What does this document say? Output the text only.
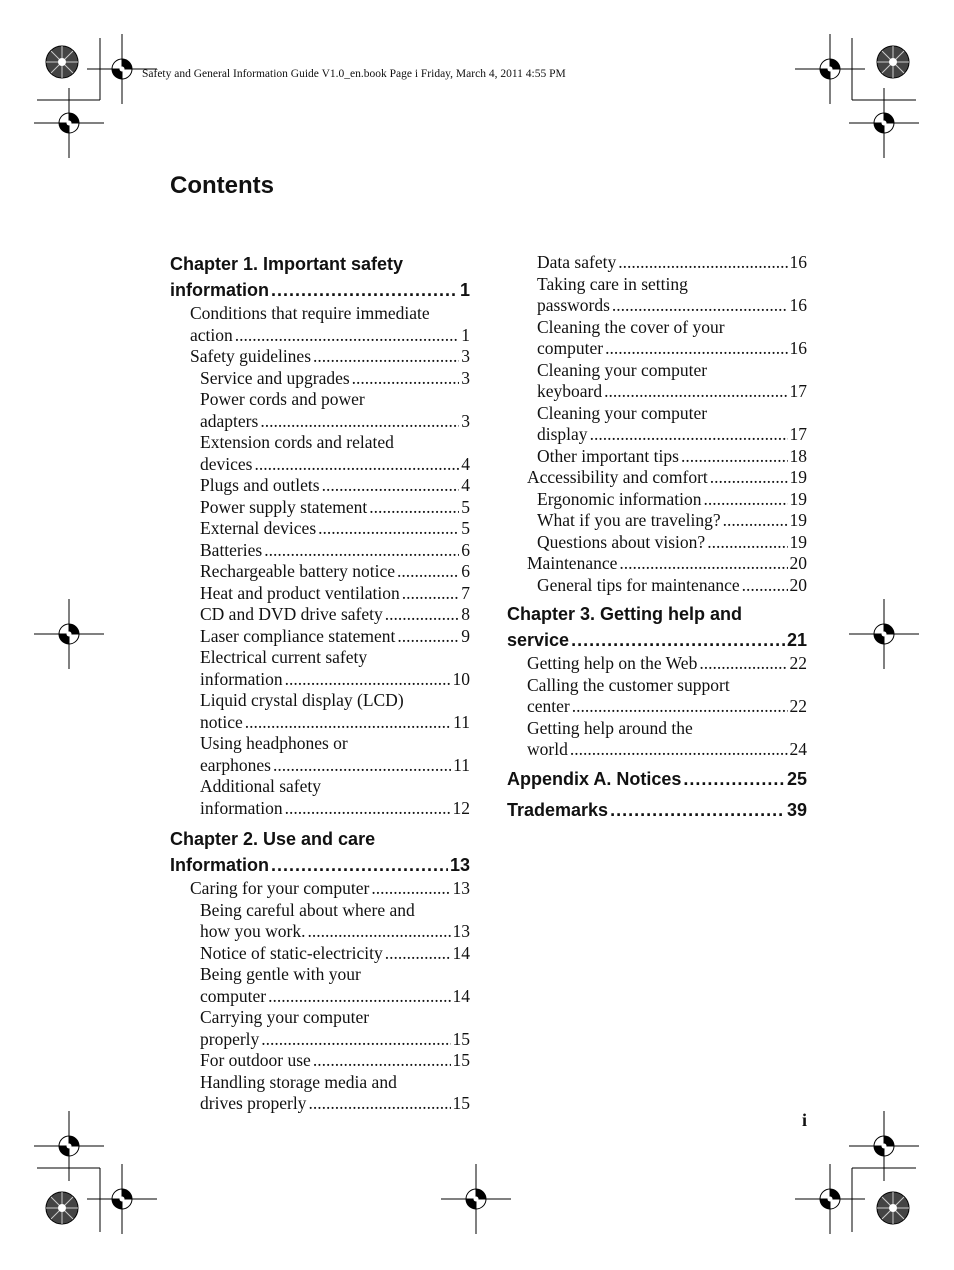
Safety and General Information Guide V1.0_en.book Page i Friday, March 4, 2011 4:55 PM
Contents
Chapter 1. Important safety
information .....	1
Conditions that require immediate
action .....	1
Safety guidelines .....	3
Service and upgrades .....	3
Power cords and power
adapters .....	3
Extension cords and related
devices .....	4
Plugs and outlets .....	4
Power supply statement .....	5
External devices .....	5
Batteries .....	6
Rechargeable battery notice .....	6
Heat and product ventilation .....	7
CD and DVD drive safety .....	8
Laser compliance statement .....	9
Electrical current safety
information .....	10
Liquid crystal display (LCD)
notice .....	11
Using headphones or
earphones .....	11
Additional safety
information .....	12
Chapter 2. Use and care
Information .....	13
Caring for your computer .....	13
Being careful about where and
how you work. .....	13
Notice of static-electricity .....	14
Being gentle with your
computer .....	14
Carrying your computer
properly .....	15
For outdoor use .....	15
Handling storage media and
drives properly .....	15
Data safety .....	16
Taking care in setting
passwords .....	16
Cleaning the cover of your
computer .....	16
Cleaning your computer
keyboard .....	17
Cleaning your computer
display .....	17
Other important tips .....	18
Accessibility and comfort .....	19
Ergonomic information .....	19
What if you are traveling? .....	19
Questions about vision? .....	19
Maintenance .....	20
General tips for maintenance .....	20
Chapter 3. Getting help and
service .....	21
Getting help on the Web .....	22
Calling the customer support
center .....	22
Getting help around the
world .....	24
Appendix A. Notices .....	25
Trademarks .....	39
i
